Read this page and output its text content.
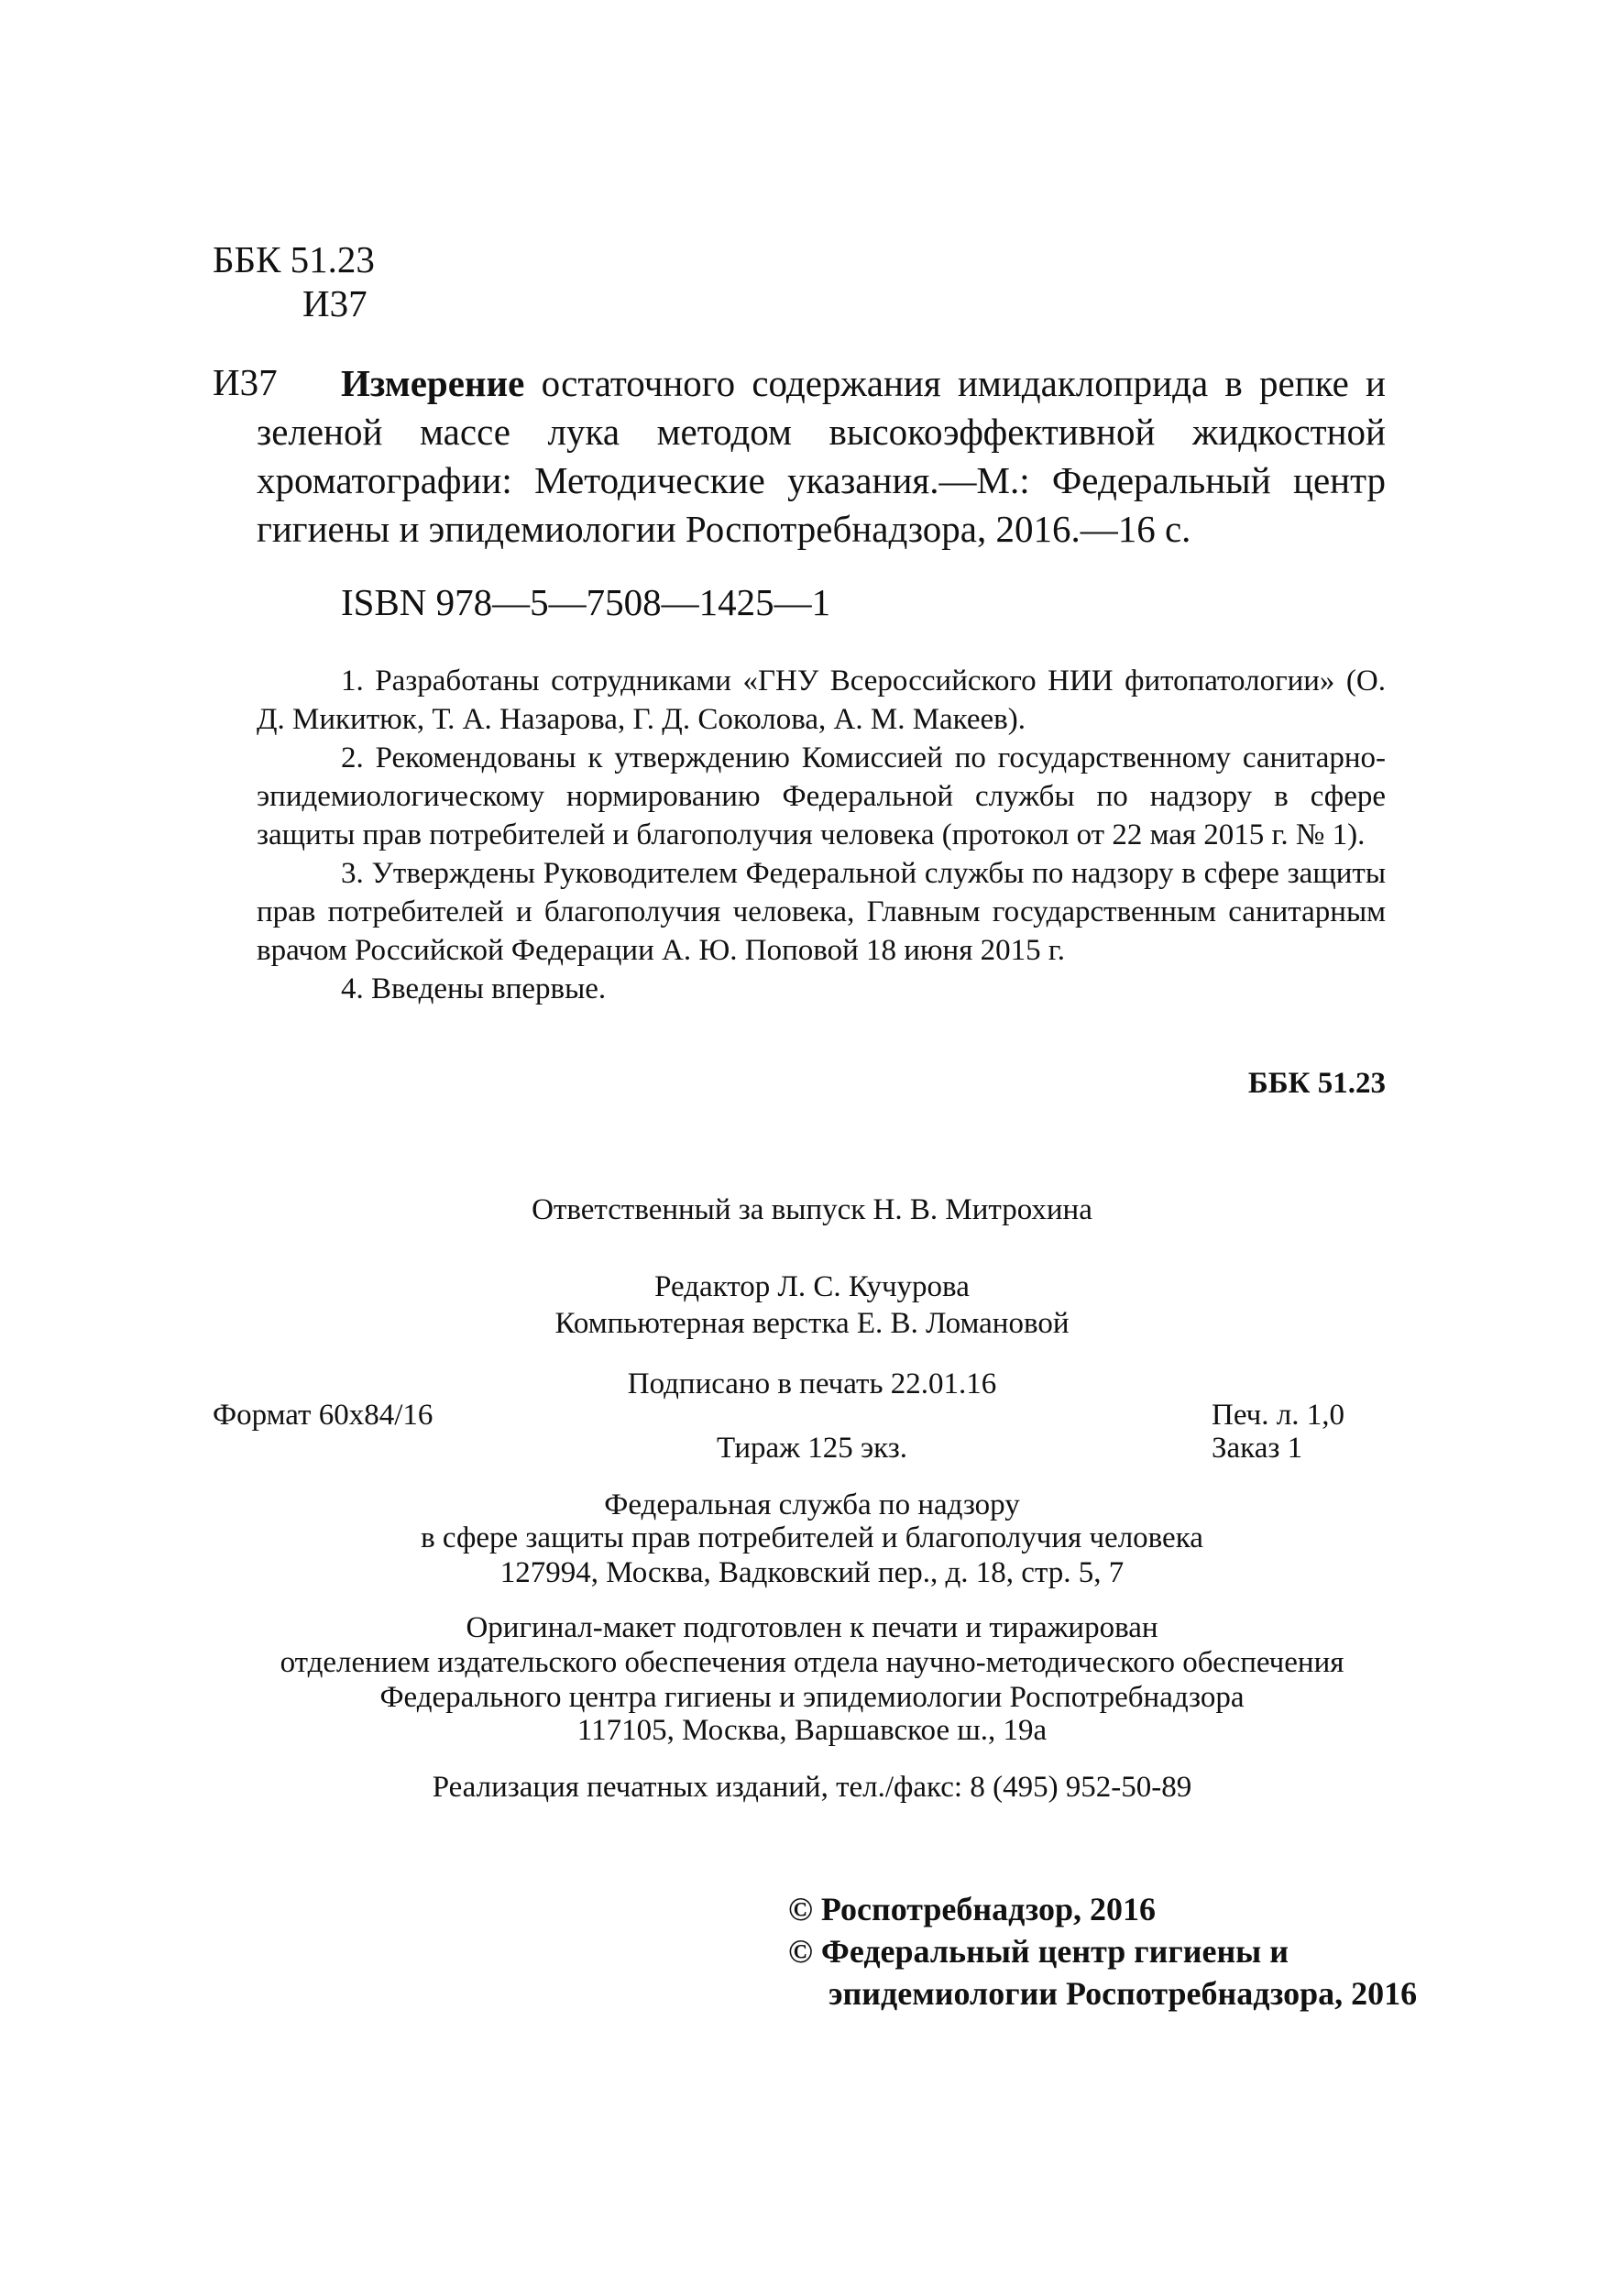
ББК 51.23
И37
И37	Измерение остаточного содержания имидаклоприда в репке и зеленой массе лука методом высокоэффективной жидкостной хроматографии: Методические указания.—М.: Федеральный центр гигиены и эпидемиологии Роспотребнадзора, 2016.—16 с.
ISBN 978—5—7508—1425—1

1. Разработаны сотрудниками «ГНУ Всероссийского НИИ фитопатологии» (О. Д. Микитюк, Т. А. Назарова, Г. Д. Соколова, А. М. Макеев).

2. Рекомендованы к утверждению Комиссией по государственному санитарно-эпидемиологическому нормированию Федеральной службы по надзору в сфере защиты прав потребителей и благополучия человека (протокол от 22 мая 2015 г. № 1).

3. Утверждены Руководителем Федеральной службы по надзору в сфере защиты прав потребителей и благополучия человека, Главным государственным санитарным врачом Российской Федерации А. Ю. Поповой 18 июня 2015 г.

4. Введены впервые.

ББК 51.23
Ответственный за выпуск Н. В. Митрохина
Редактор Л. С. Кучурова
Компьютерная верстка Е. В. Ломановой
Подписано в печать 22.01.16
Формат 60x84/16	Печ. л. 1,0
Тираж 125 экз.	Заказ 1
Федеральная служба по надзору
в сфере защиты прав потребителей и благополучия человека
127994, Москва, Вадковский пер., д. 18, стр. 5, 7
Оригинал-макет подготовлен к печати и тиражирован
отделением издательского обеспечения отдела научно-методического обеспечения
Федерального центра гигиены и эпидемиологии Роспотребнадзора
117105, Москва, Варшавское ш., 19а
Реализация печатных изданий, тел./факс: 8 (495) 952-50-89
© Роспотребнадзор, 2016
© Федеральный центр гигиены и
эпидемиологии Роспотребнадзора, 2016
